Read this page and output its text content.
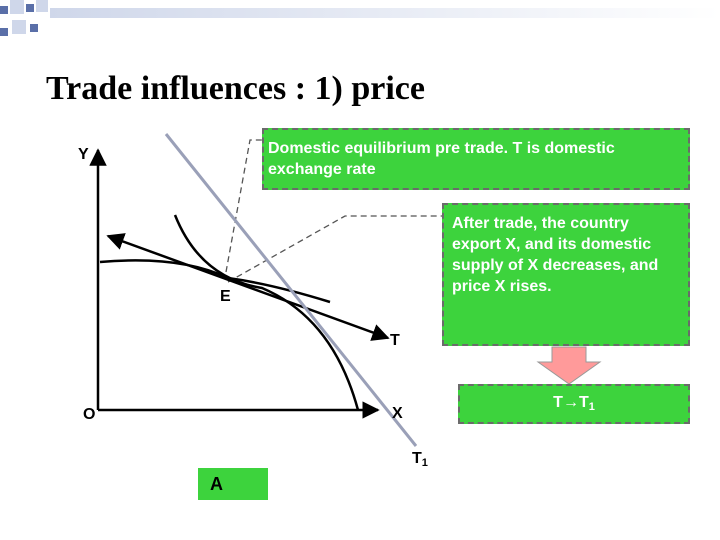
Trade influences : 1) price
Y
O	X
E
T
$T_1$
Domestic equilibrium pre trade. T is domestic exchange rate
After trade, the country export X, and its domestic supply of X decreases, and price X rises.
$T\to T_1$
A
